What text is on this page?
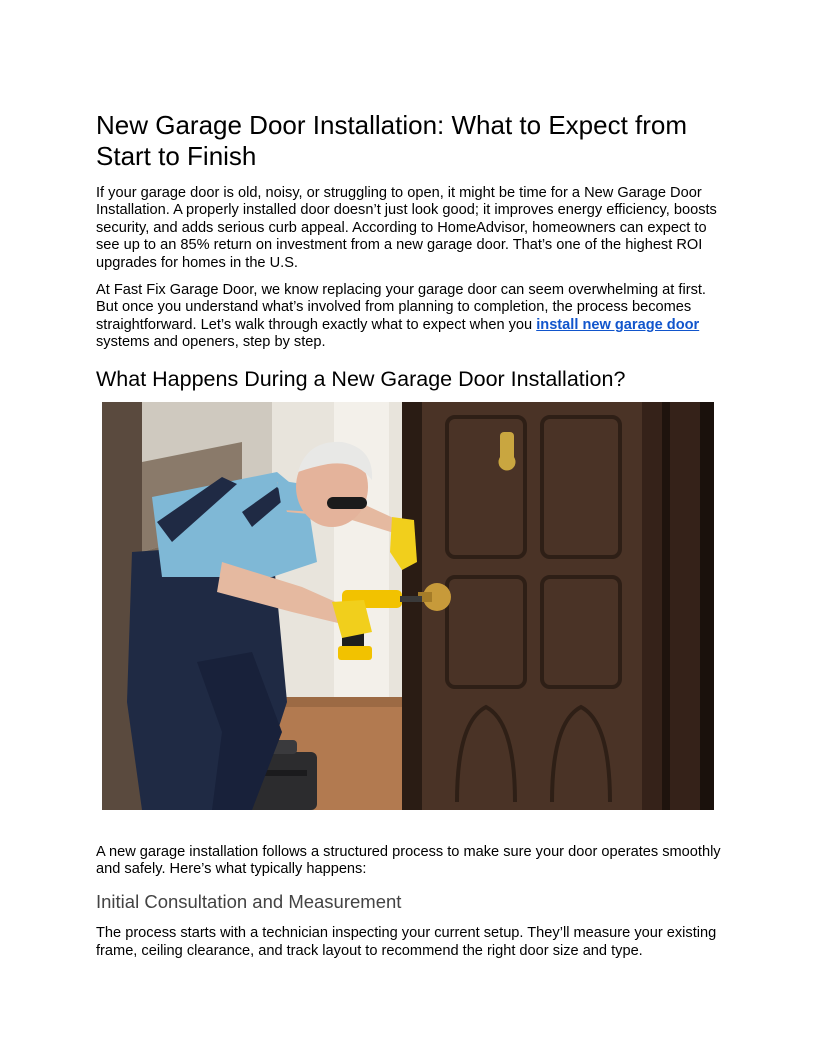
New Garage Door Installation: What to Expect from Start to Finish

If your garage door is old, noisy, or struggling to open, it might be time for a New Garage Door Installation. A properly installed door doesn’t just look good; it improves energy efficiency, boosts security, and adds serious curb appeal. According to HomeAdvisor, homeowners can expect to see up to an 85% return on investment from a new garage door. That’s one of the highest ROI upgrades for homes in the U.S.

At Fast Fix Garage Door, we know replacing your garage door can seem overwhelming at first. But once you understand what’s involved from planning to completion, the process becomes straightforward. Let’s walk through exactly what to expect when you install new garage door systems and openers, step by step.

What Happens During a New Garage Door Installation?

A new garage installation follows a structured process to make sure your door operates smoothly and safely. Here’s what typically happens:

Initial Consultation and Measurement

The process starts with a technician inspecting your current setup. They’ll measure your existing frame, ceiling clearance, and track layout to recommend the right door size and type.
